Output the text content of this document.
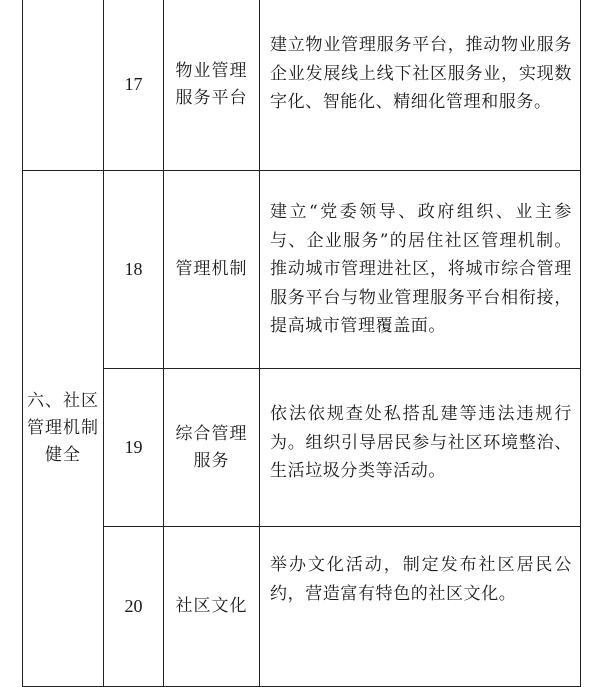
	17	物业管理服务平台	建立物业管理服务平台，推动物业服务企业发展线上线下社区服务业，实现数字化、智能化、精细化管理和服务。

六、社区管理机制健全	18	管理机制	建立“党委领导、政府组织、业主参与、企业服务”的居住社区管理机制。推动城市管理进社区，将城市综合管理服务平台与物业管理服务平台相衔接，提高城市管理覆盖面。
	19	综合管理服务	依法依规查处私搭乱建等违法违规行为。组织引导居民参与社区环境整治、生活垃圾分类等活动。
	20	社区文化	举办文化活动，制定发布社区居民公约，营造富有特色的社区文化。
